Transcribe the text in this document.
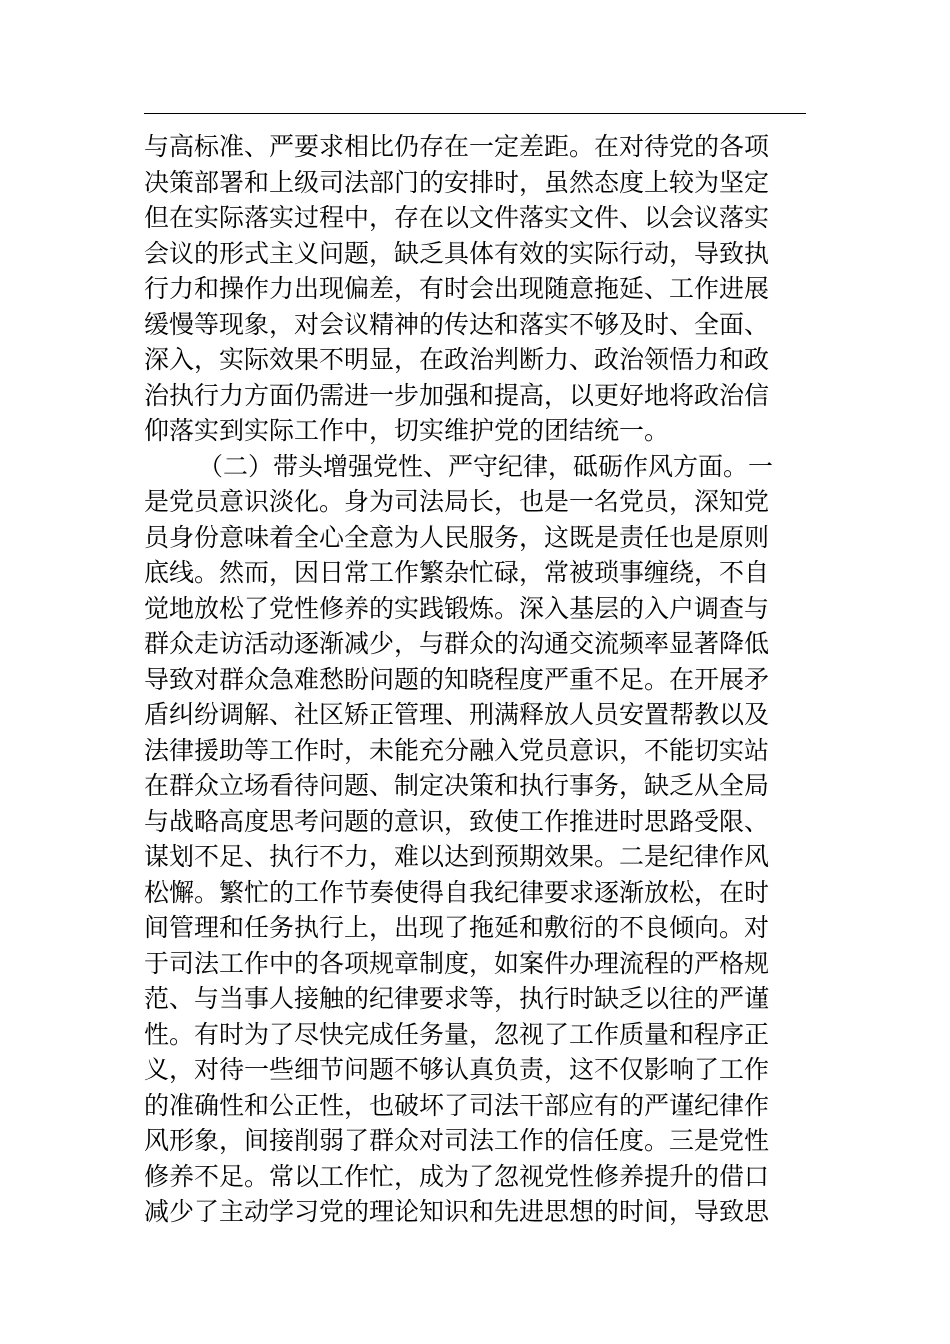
与高标准、严要求相比仍存在一定差距。在对待党的各项
决策部署和上级司法部门的安排时，虽然态度上较为坚定
但在实际落实过程中，存在以文件落实文件、以会议落实
会议的形式主义问题，缺乏具体有效的实际行动，导致执
行力和操作力出现偏差，有时会出现随意拖延、工作进展
缓慢等现象，对会议精神的传达和落实不够及时、全面、
深入，实际效果不明显，在政治判断力、政治领悟力和政
治执行力方面仍需进一步加强和提高，以更好地将政治信
仰落实到实际工作中，切实维护党的团结统一。
（二）带头增强党性、严守纪律，砥砺作风方面。一
是党员意识淡化。身为司法局长，也是一名党员，深知党
员身份意味着全心全意为人民服务，这既是责任也是原则
底线。然而，因日常工作繁杂忙碌，常被琐事缠绕，不自
觉地放松了党性修养的实践锻炼。深入基层的入户调查与
群众走访活动逐渐减少，与群众的沟通交流频率显著降低
导致对群众急难愁盼问题的知晓程度严重不足。在开展矛
盾纠纷调解、社区矫正管理、刑满释放人员安置帮教以及
法律援助等工作时，未能充分融入党员意识，不能切实站
在群众立场看待问题、制定决策和执行事务，缺乏从全局
与战略高度思考问题的意识，致使工作推进时思路受限、
谋划不足、执行不力，难以达到预期效果。二是纪律作风
松懈。繁忙的工作节奏使得自我纪律要求逐渐放松，在时
间管理和任务执行上，出现了拖延和敷衍的不良倾向。对
于司法工作中的各项规章制度，如案件办理流程的严格规
范、与当事人接触的纪律要求等，执行时缺乏以往的严谨
性。有时为了尽快完成任务量，忽视了工作质量和程序正
义，对待一些细节问题不够认真负责，这不仅影响了工作
的准确性和公正性，也破坏了司法干部应有的严谨纪律作
风形象，间接削弱了群众对司法工作的信任度。三是党性
修养不足。常以工作忙，成为了忽视党性修养提升的借口
减少了主动学习党的理论知识和先进思想的时间，导致思
